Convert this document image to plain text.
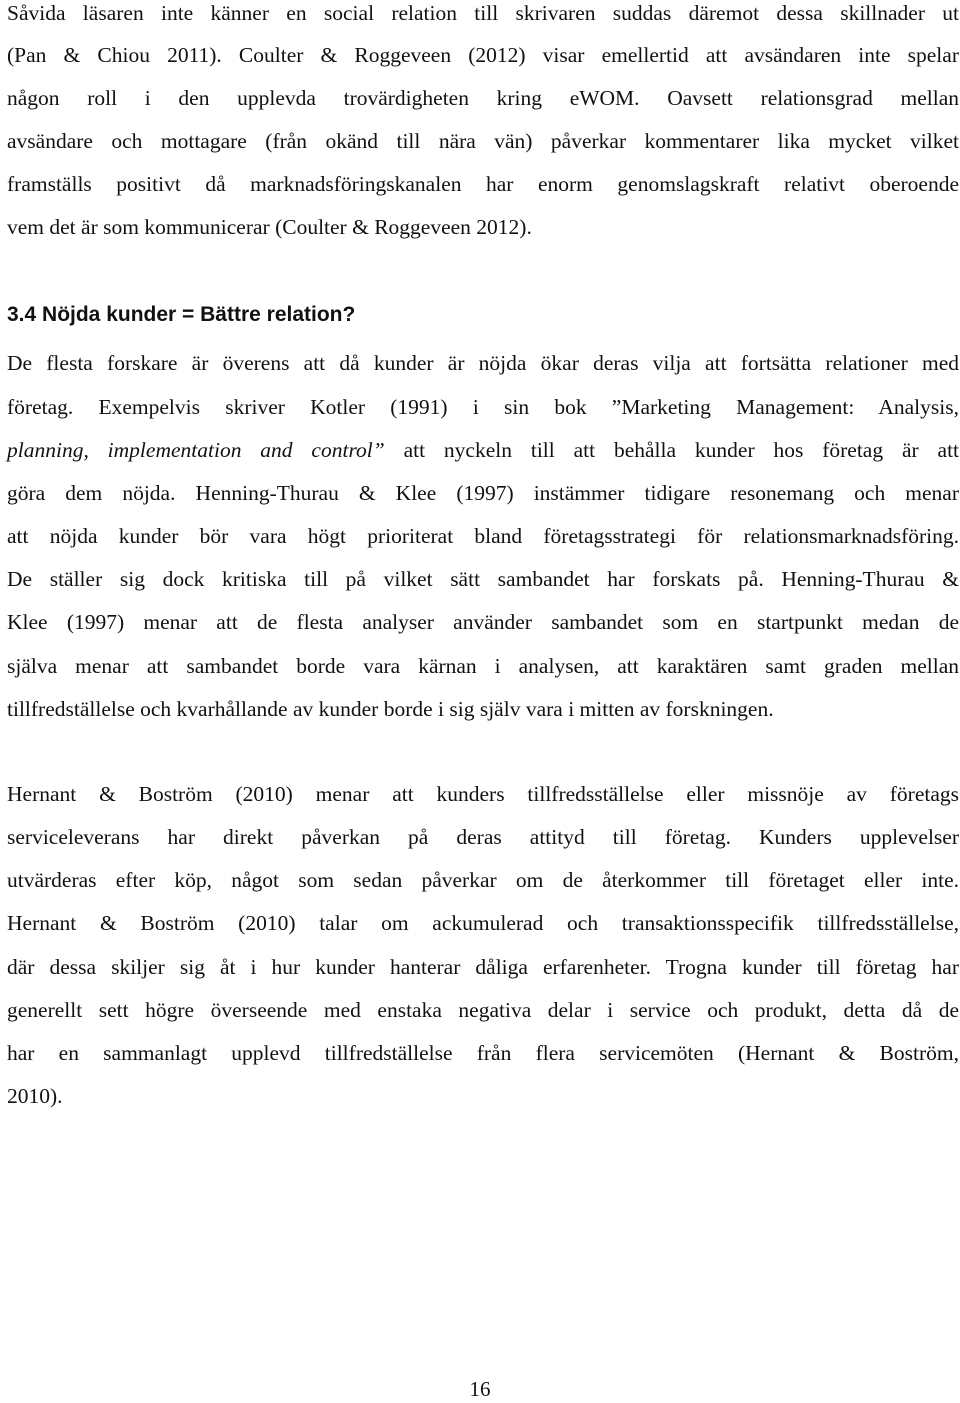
Såvida läsaren inte känner en social relation till skrivaren suddas däremot dessa skillnader ut
(Pan & Chiou 2011). Coulter & Roggeveen (2012) visar emellertid att avsändaren inte spelar
någon roll i den upplevda trovärdigheten kring eWOM. Oavsett relationsgrad mellan
avsändare och mottagare (från okänd till nära vän) påverkar kommentarer lika mycket vilket
framställs positivt då marknadsföringskanalen har enorm genomslagskraft relativt oberoende
vem det är som kommunicerar (Coulter & Roggeveen 2012).
3.4 Nöjda kunder = Bättre relation?
De flesta forskare är överens att då kunder är nöjda ökar deras vilja att fortsätta relationer med
företag. Exempelvis skriver Kotler (1991) i sin bok ”Marketing Management: Analysis,
planning, implementation and control” att nyckeln till att behålla kunder hos företag är att
göra dem nöjda. Henning-Thurau & Klee (1997) instämmer tidigare resonemang och menar
att nöjda kunder bör vara högt prioriterat bland företagsstrategi för relationsmarknadsföring.
De ställer sig dock kritiska till på vilket sätt sambandet har forskats på. Henning-Thurau &
Klee (1997) menar att de flesta analyser använder sambandet som en startpunkt medan de
själva menar att sambandet borde vara kärnan i analysen, att karaktären samt graden mellan
tillfredställelse och kvarhållande av kunder borde i sig själv vara i mitten av forskningen.
Hernant & Boström (2010) menar att kunders tillfredsställelse eller missnöje av företags
serviceleverans har direkt påverkan på deras attityd till företag. Kunders upplevelser
utvärderas efter köp, något som sedan påverkar om de återkommer till företaget eller inte.
Hernant & Boström (2010) talar om ackumulerad och transaktionsspecifik tillfredsställelse,
där dessa skiljer sig åt i hur kunder hanterar dåliga erfarenheter. Trogna kunder till företag har
generellt sett högre överseende med enstaka negativa delar i service och produkt, detta då de
har en sammanlagt upplevd tillfredställelse från flera servicemöten (Hernant & Boström,
2010).
16
